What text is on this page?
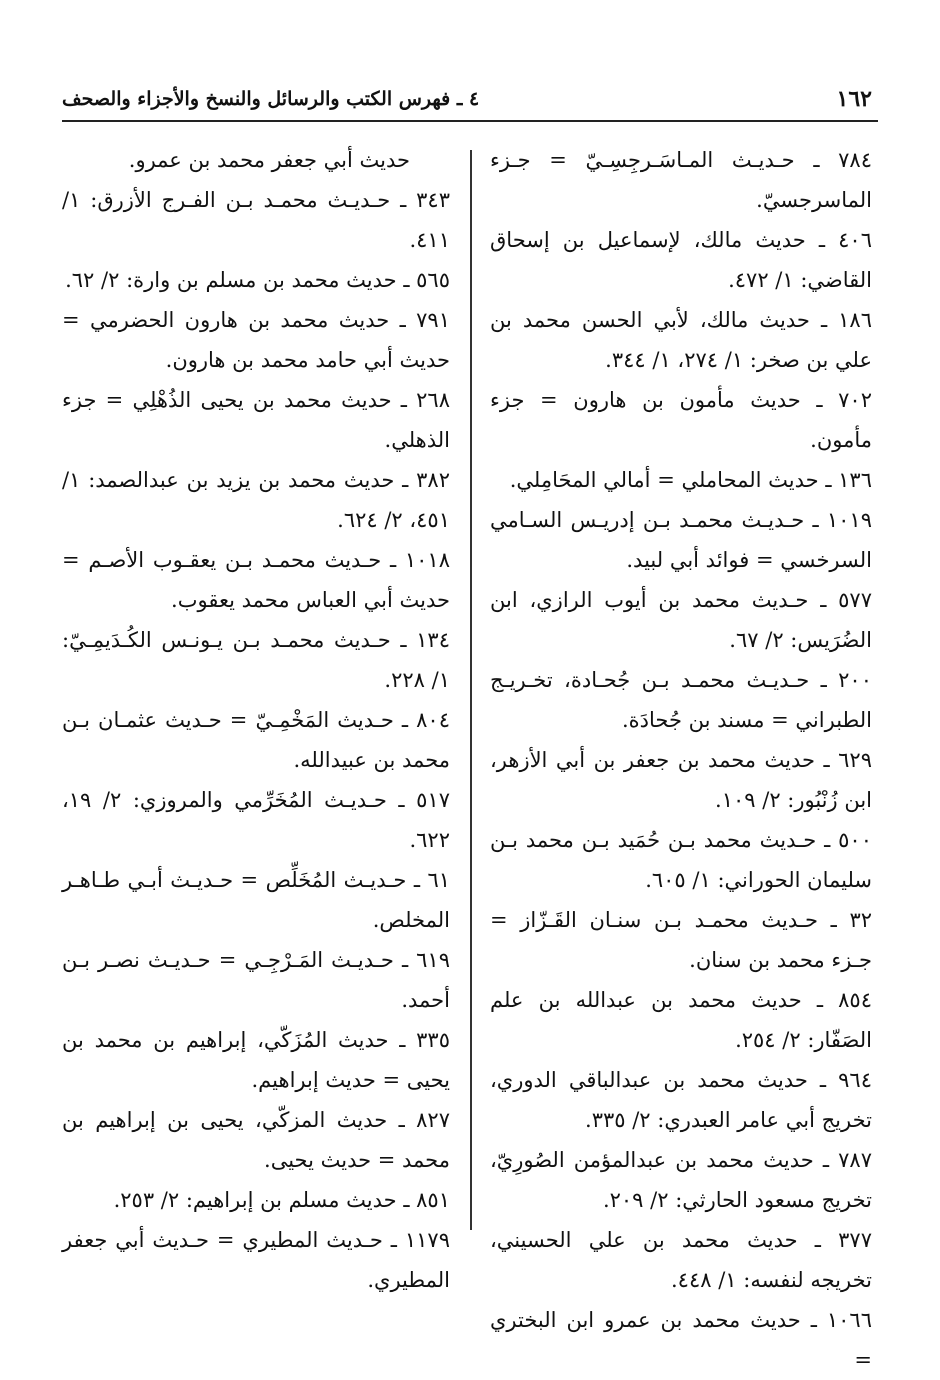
١٦٢
٤ ـ فهرس الكتب والرسائل والنسخ والأجزاء والصحف

٧٨٤ ـ حـديـث المـاسَـرجِسِـيّ = جـزء الماسرجسيّ.

٤٠٦ ـ حديث مالك، لإسماعيل بن إسحاق القاضي: ١/ ٤٧٢.

١٨٦ ـ حديث مالك، لأبي الحسن محمد بن علي بن صخر: ١/ ٢٧٤، ١/ ٣٤٤.

٧٠٢ ـ حديث مأمون بن هارون = جزء مأمون.

١٣٦ ـ حديث المحاملي = أمالي المحَامِلي.

١٠١٩ ـ حـديـث محمـد بـن إدريـس السـامي السرخسي = فوائد أبي لبيد.

٥٧٧ ـ حـديث محمد بن أيوب الرازي، ابن الضُرَيس: ٢/ ٦٧.

٢٠٠ ـ حـديـث محمـد بـن جُحـادة، تخـريـج الطبراني = مسند بن جُحادَة.

٦٢٩ ـ حديث محمد بن جعفر بن أبي الأزهر، ابن زُنْبُور: ٢/ ١٠٩.

٥٠٠ ـ حـديث محمد بـن حُمَيد بـن محمد بـن سليمان الحوراني: ١/ ٦٠٥.

٣٢ ـ حـديث محمـد بـن سنـان القَـزّاز = جـزء محمد بن سنان.

٨٥٤ ـ حديث محمد بن عبدالله بن علم الصَفّار: ٢/ ٢٥٤.

٩٦٤ ـ حديث محمد بن عبدالباقي الدوري، تخريج أبي عامر العبدري: ٢/ ٣٣٥.

٧٨٧ ـ حديث محمد بن عبدالمؤمن الصُورِيّ، تخريج مسعود الحارثي: ٢/ ٢٠٩.

٣٧٧ ـ حديث محمد بن علي الحسيني، تخريجه لنفسه: ١/ ٤٤٨.

١٠٦٦ ـ حديث محمد بن عمرو ابن البختري =

حديث أبي جعفر محمد بن عمرو.

٣٤٣ ـ حـديـث محمـد بـن الفـرج الأزرق: ١/ ٤١١.

٥٦٥ ـ حديث محمد بن مسلم بن وارة: ٢/ ٦٢.

٧٩١ ـ حديث محمد بن هارون الحضرمي = حديث أبي حامد محمد بن هارون.

٢٦٨ ـ حديث محمد بن يحيى الذُهْلِي = جزء الذهلي.

٣٨٢ ـ حديث محمد بن يزيد بن عبدالصمد: ١/ ٤٥١، ٢/ ٦٢٤.

١٠١٨ ـ حـديث محمـد بـن يعقـوب الأصـم = حديث أبي العباس محمد يعقوب.

١٣٤ ـ حـديث محمـد بـن يـونـس الكُـدَيمِـيّ: ١/ ٢٢٨.

٨٠٤ ـ حـديث المَخْمِـيّ = حـديث عثمـان بـن محمد بن عبيدالله.

٥١٧ ـ حـديـث المُخَرِّمي والمروزي: ٢/ ١٩، ٦٢٢.

٦١ ـ حـديـث المُخَلِّص = حـديـث أبـي طـاهـر المخلص.

٦١٩ ـ حـديـث المَـرْجِـي = حـديـث نصـر بـن أحمد.

٣٣٥ ـ حديث المُزَكّي، إبراهيم بن محمد بن يحيى = حديث إبراهيم.

٨٢٧ ـ حديث المزكّي، يحيى بن إبراهيم بن محمد = حديث يحيى.

٨٥١ ـ حديث مسلم بن إبراهيم: ٢/ ٢٥٣.

١١٧٩ ـ حـديث المطيري = حـديث أبي جعفر المطيري.
